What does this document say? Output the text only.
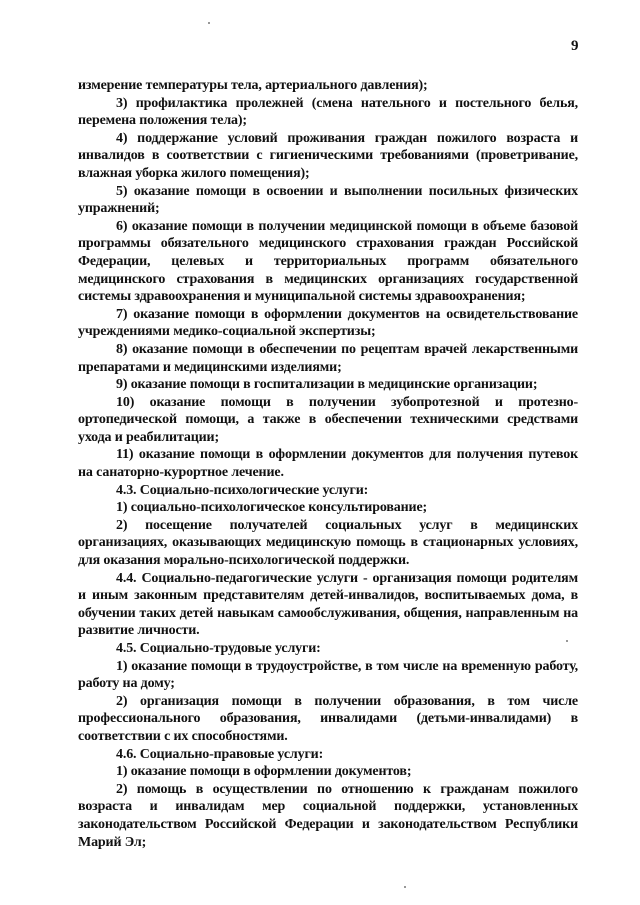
9

измерение температуры тела, артериального давления);

3) профилактика пролежней (смена нательного и постельного белья, перемена положения тела);

4) поддержание условий проживания граждан пожилого возраста и инвалидов в соответствии с гигиеническими требованиями (проветривание, влажная уборка жилого помещения);

5) оказание помощи в освоении и выполнении посильных физических упражнений;

6) оказание помощи в получении медицинской помощи в объеме базовой программы обязательного медицинского страхования граждан Российской Федерации, целевых и территориальных программ обязательного медицинского страхования в медицинских организациях государственной системы здравоохранения и муниципальной системы здравоохранения;

7) оказание помощи в оформлении документов на освидетельствование учреждениями медико-социальной экспертизы;

8) оказание помощи в обеспечении по рецептам врачей лекарственными препаратами и медицинскими изделиями;

9) оказание помощи в госпитализации в медицинские организации;

10) оказание помощи в получении зубопротезной и протезно-ортопедической помощи, а также в обеспечении техническими средствами ухода и реабилитации;

11) оказание помощи в оформлении документов для получения путевок на санаторно-курортное лечение.

4.3. Социально-психологические услуги:

1) социально-психологическое консультирование;

2) посещение получателей социальных услуг в медицинских организациях, оказывающих медицинскую помощь в стационарных условиях, для оказания морально-психологической поддержки.

4.4. Социально-педагогические услуги - организация помощи родителям и иным законным представителям детей-инвалидов, воспитываемых дома, в обучении таких детей навыкам самообслуживания, общения, направленным на развитие личности.

4.5. Социально-трудовые услуги:

1) оказание помощи в трудоустройстве, в том числе на временную работу, работу на дому;

2) организация помощи в получении образования, в том числе профессионального образования, инвалидами (детьми-инвалидами) в соответствии с их способностями.

4.6. Социально-правовые услуги:

1) оказание помощи в оформлении документов;

2) помощь в осуществлении по отношению к гражданам пожилого возраста и инвалидам мер социальной поддержки, установленных законодательством Российской Федерации и законодательством Республики Марий Эл;
